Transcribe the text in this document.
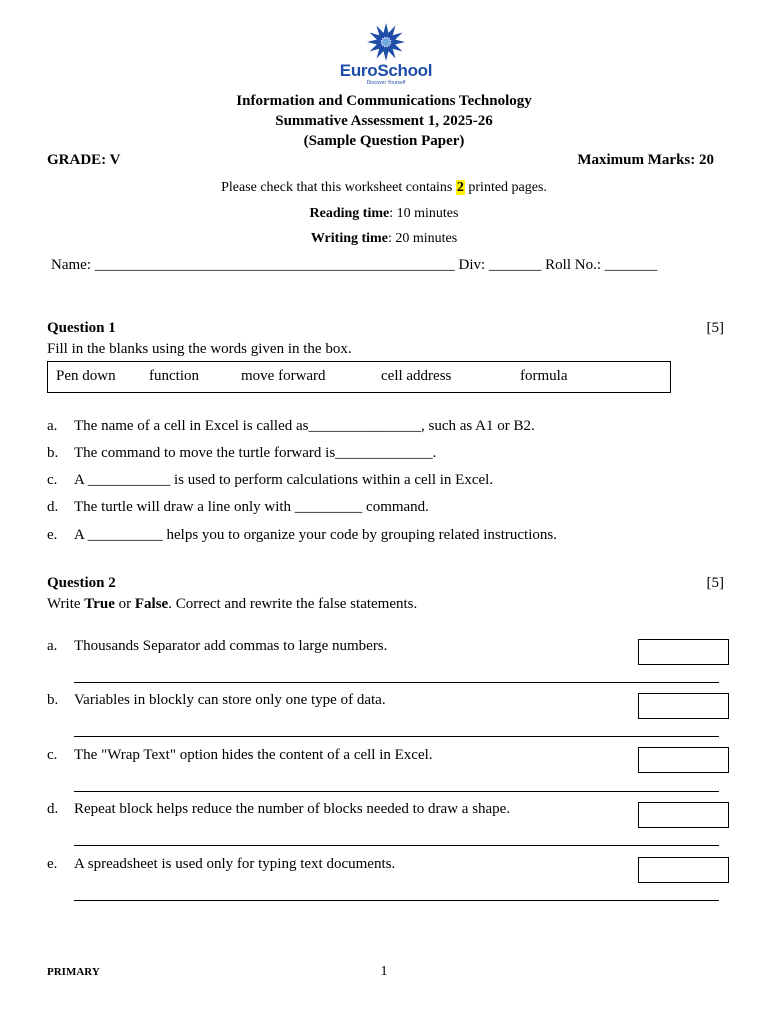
EuroSchool
Discover Yourself
Information and Communications Technology
Summative Assessment 1, 2025-26
(Sample Question Paper)
GRADE: V	Maximum Marks: 20
Please check that this worksheet contains 2 printed pages.
Reading time: 10 minutes
Writing time: 20 minutes
Name: ________________________________________________ Div: _______ Roll No.: _______
Question 1	[5]
Fill in the blanks using the words given in the box.
Pen down function	move forward	cell address	formula
a. The name of a cell in Excel is called as_______________, such as A1 or B2.
b. The command to move the turtle forward is_____________.
c. A ___________ is used to perform calculations within a cell in Excel.
d. The turtle will draw a line only with _________ command.
e. A __________ helps you to organize your code by grouping related instructions.
Question 2	[5]
Write True or False. Correct and rewrite the false statements.
a. Thousands Separator add commas to large numbers.
b. Variables in blockly can store only one type of data.
c. The "Wrap Text" option hides the content of a cell in Excel.
d. Repeat block helps reduce the number of blocks needed to draw a shape.
e. A spreadsheet is used only for typing text documents.
PRIMARY	1
